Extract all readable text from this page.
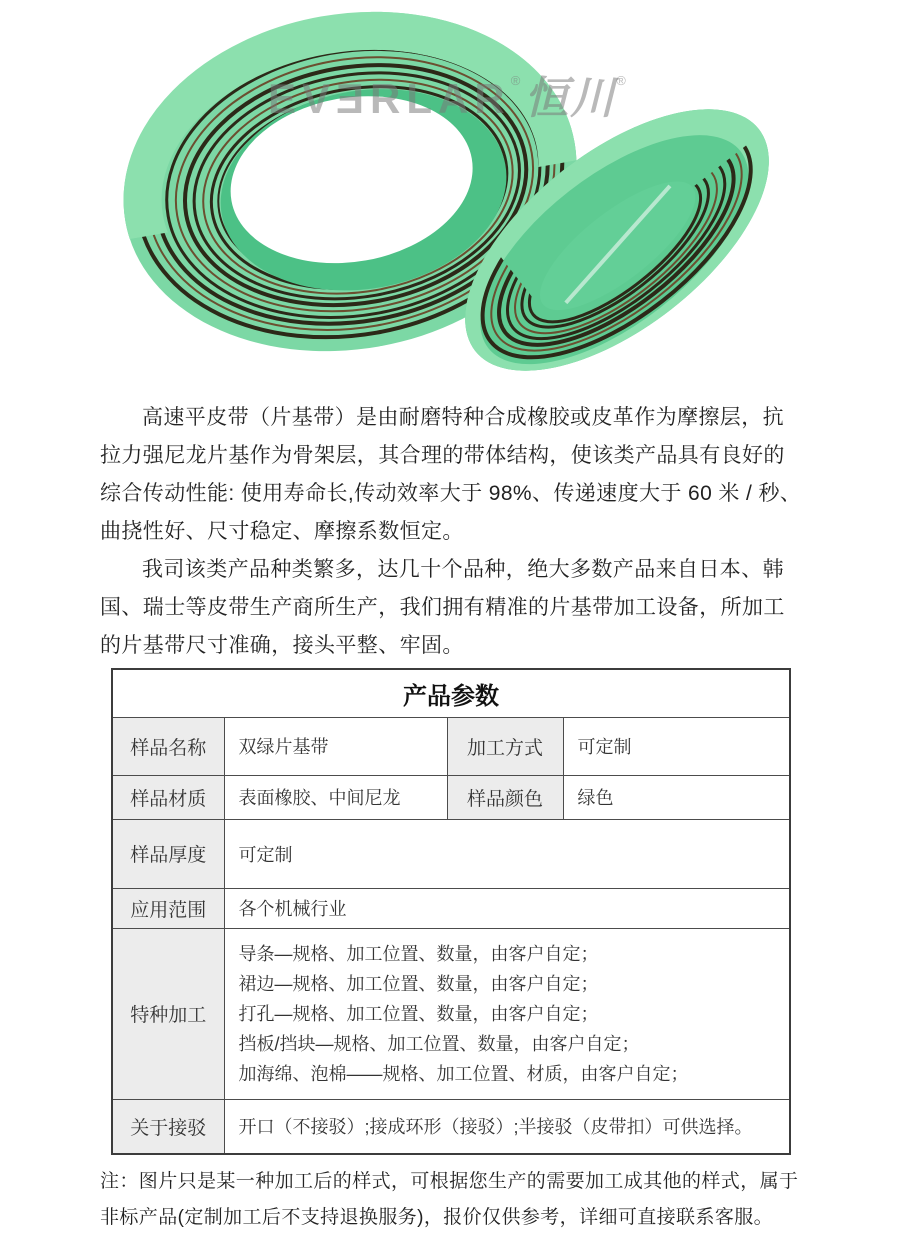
EVƎRLAR®恒川®

高速平皮带（片基带）是由耐磨特种合成橡胶或皮革作为摩擦层，抗拉力强尼龙片基作为骨架层，其合理的带体结构，使该类产品具有良好的综合传动性能: 使用寿命长,传动效率大于 98%、传递速度大于 60 米 / 秒、曲挠性好、尺寸稳定、摩擦系数恒定。

我司该类产品种类繁多，达几十个品种，绝大多数产品来自日本、韩国、瑞士等皮带生产商所生产，我们拥有精准的片基带加工设备，所加工的片基带尺寸准确，接头平整、牢固。

产品参数			
样品名称	双绿片基带	加工方式	可定制
样品材质	表面橡胶、中间尼龙	样品颜色	绿色
样品厚度	可定制		
应用范围	各个机械行业		
特种加工	导条—规格、加工位置、数量，由客户自定；
裙边—规格、加工位置、数量，由客户自定；
打孔—规格、加工位置、数量，由客户自定；
挡板/挡块—规格、加工位置、数量，由客户自定；
加海绵、泡棉——规格、加工位置、材质，由客户自定；		

关于接驳	开口（不接驳）;接成环形（接驳）;半接驳（皮带扣）可供选择。		
注：图片只是某一种加工后的样式，可根据您生产的需要加工成其他的样式，属于非标产品(定制加工后不支持退换服务)，报价仅供参考，详细可直接联系客服。
